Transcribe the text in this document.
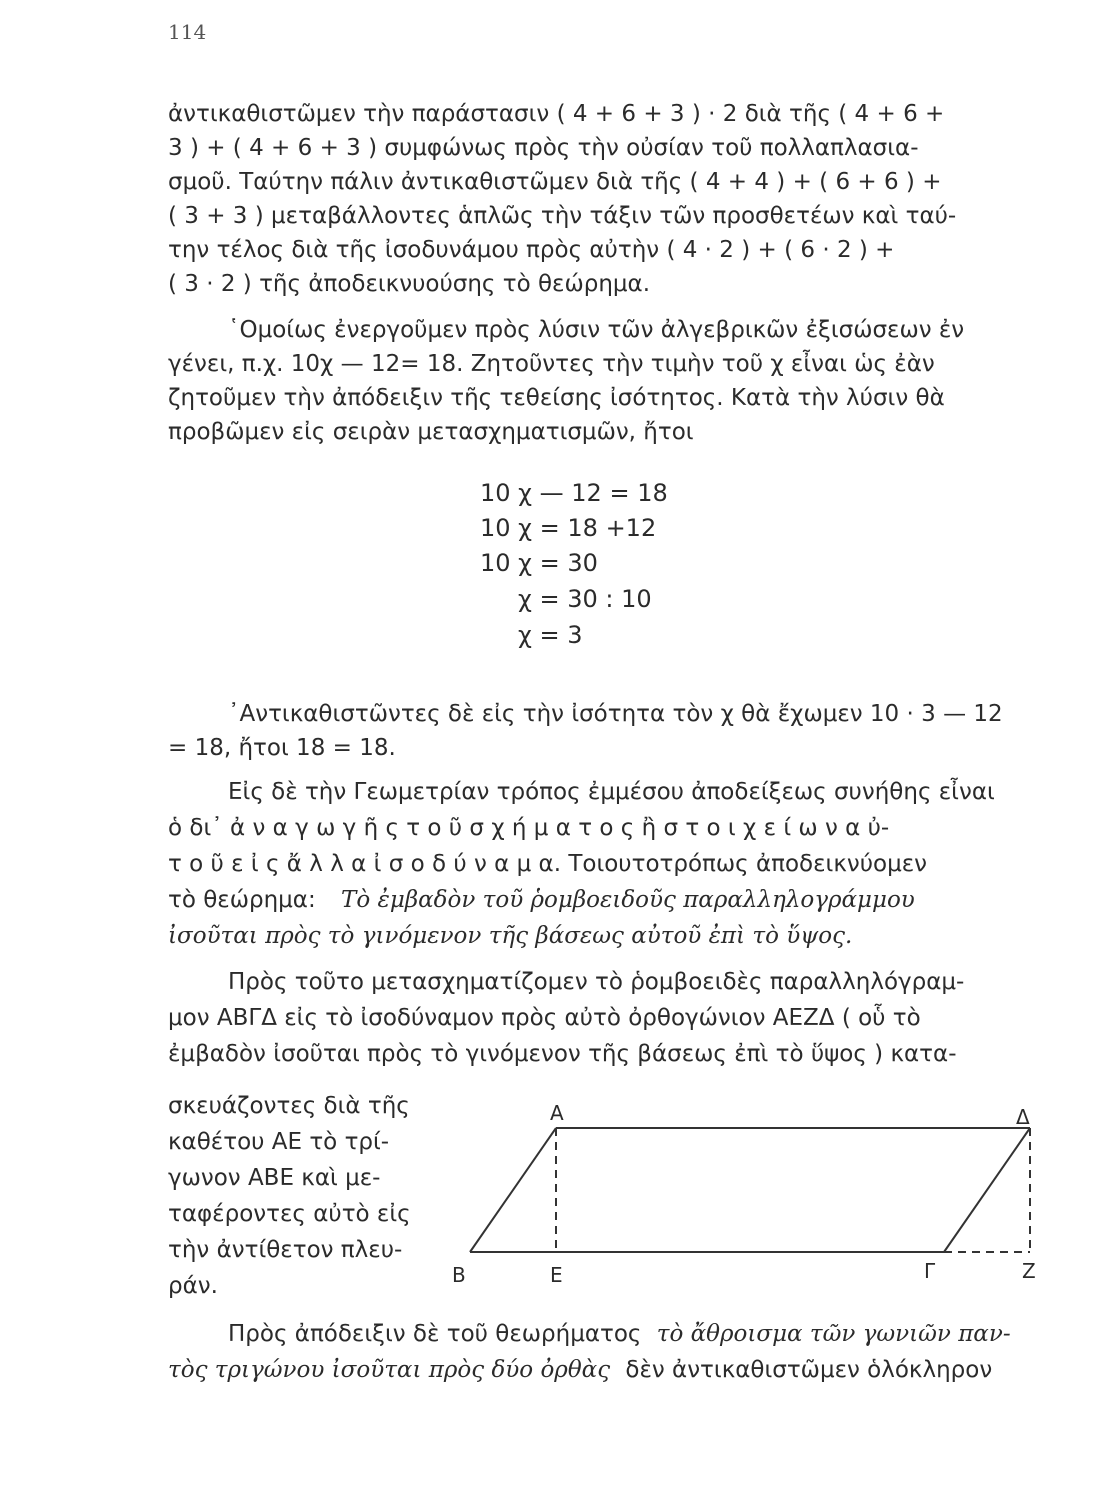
114
ἀντικαθιστῶμεν τὴν παράστασιν ( 4 + 6 + 3 ) · 2 διὰ τῆς ( 4 + 6 +
3 ) + ( 4 + 6 + 3 ) συμφώνως πρὸς τὴν οὐσίαν τοῦ πολλαπλασια-
σμοῦ. Ταύτην πάλιν ἀντικαθιστῶμεν διὰ τῆς ( 4 + 4 ) + ( 6 + 6 ) +
( 3 + 3 ) μεταβάλλοντες ἁπλῶς τὴν τάξιν τῶν προσθετέων καὶ ταύ-
την τέλος διὰ τῆς ἰσοδυνάμου πρὸς αὐτὴν ( 4 · 2 ) + ( 6 · 2 ) +
( 3 · 2 ) τῆς ἀποδεικνυούσης τὸ θεώρημα.
῾Ομοίως ἐνεργοῦμεν πρὸς λύσιν τῶν ἀλγεβρικῶν ἐξισώσεων ἐν
γένει, π.χ. 10χ — 12= 18. Ζητοῦντες τὴν τιμὴν τοῦ χ εἶναι ὡς ἐὰν
ζητοῦμεν τὴν ἀπόδειξιν τῆς τεθείσης ἰσότητος. Κατὰ τὴν λύσιν θὰ
προβῶμεν εἰς σειρὰν μετασχηματισμῶν, ἤτοι
10 χ — 12 = 18
10 χ = 18 +12
10 χ = 30
χ = 30 : 10
χ = 3
᾿Αντικαθιστῶντες δὲ εἰς τὴν ἰσότητα τὸν χ θὰ ἔχωμεν 10 · 3 — 12
= 18, ἤτοι 18 = 18.
Εἰς δὲ τὴν Γεωμετρίαν τρόπος ἐμμέσου ἀποδείξεως συνήθης εἶναι
ὁ δι᾿ ἀ ν α γ ω γ ῆ ς τ ο ῦ σ χ ή μ α τ ο ς ἢ σ τ ο ι χ ε ί ω ν α ὐ-
τ ο ῦ ε ἰ ς ἄ λ λ α ἰ σ ο δ ύ ν α μ α. Τοιουτοτρόπως ἀποδεικνύομεν
τὸ θεώρημα: Τὸ ἐμβαδὸν τοῦ ῥομβοειδοῦς παραλληλογράμμου
ἰσοῦται πρὸς τὸ γινόμενον τῆς βάσεως αὐτοῦ ἐπὶ τὸ ὕψος.
Πρὸς τοῦτο μετασχηματίζομεν τὸ ῥομβοειδὲς παραλληλόγραμ-
μον ΑΒΓΔ εἰς τὸ ἰσοδύναμον πρὸς αὐτὸ ὀρθογώνιον ΑΕΖΔ ( οὗ τὸ
ἐμβαδὸν ἰσοῦται πρὸς τὸ γινόμενον τῆς βάσεως ἐπὶ τὸ ὕψος ) κατα-
σκευάζοντες διὰ τῆς
καθέτου ΑΕ τὸ τρί-
γωνον ΑΒΕ καὶ με-
ταφέροντες αὐτὸ εἰς
τὴν ἀντίθετον πλευ-
ράν.
Α	Δ
Β	Ε	Γ	Ζ
Πρὸς ἀπόδειξιν δὲ τοῦ θεωρήματος τὸ ἄθροισμα τῶν γωνιῶν παν-
τὸς τριγώνου ἰσοῦται πρὸς δύο ὀρθὰς δὲν ἀντικαθιστῶμεν ὁλόκληρον
